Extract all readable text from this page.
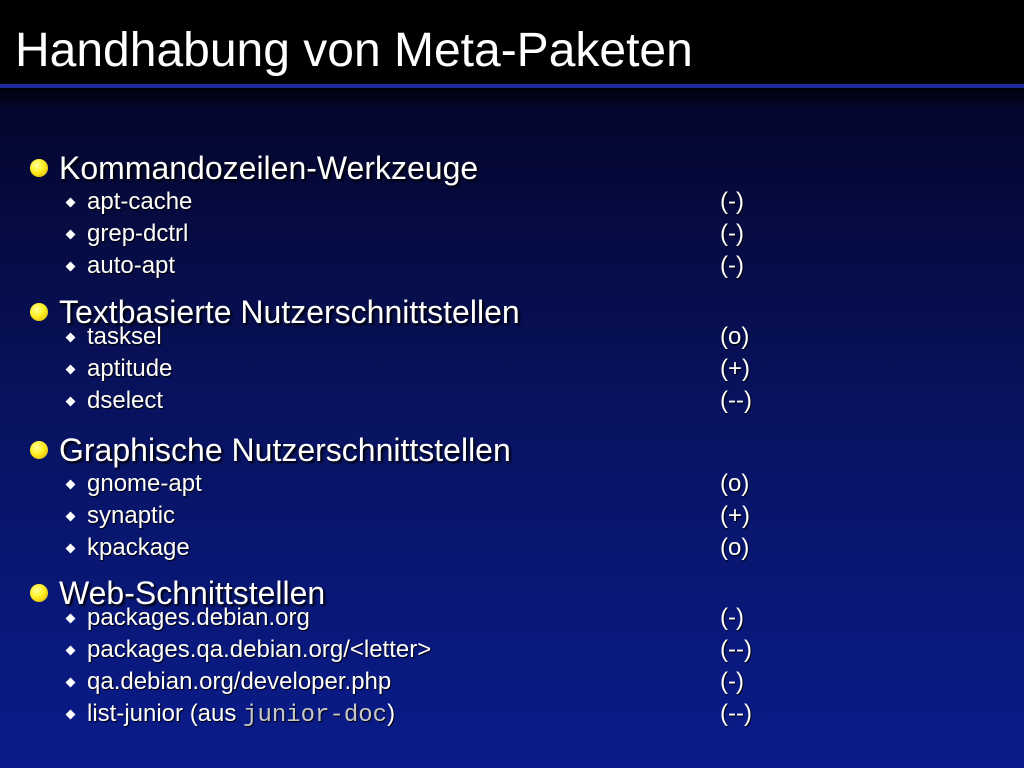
Handhabung von Meta-Paketen
Kommandozeilen-Werkzeuge
apt-cache	(-)
grep-dctrl	(-)
auto-apt	(-)
Textbasierte Nutzerschnittstellen
tasksel	(o)
aptitude	(+)
dselect	(--)
Graphische Nutzerschnittstellen
gnome-apt	(o)
synaptic	(+)
kpackage	(o)
Web-Schnittstellen
packages.debian.org	(-)
packages.qa.debian.org/<letter>	(--)
qa.debian.org/developer.php	(-)
list-junior (aus junior-doc)	(--)
